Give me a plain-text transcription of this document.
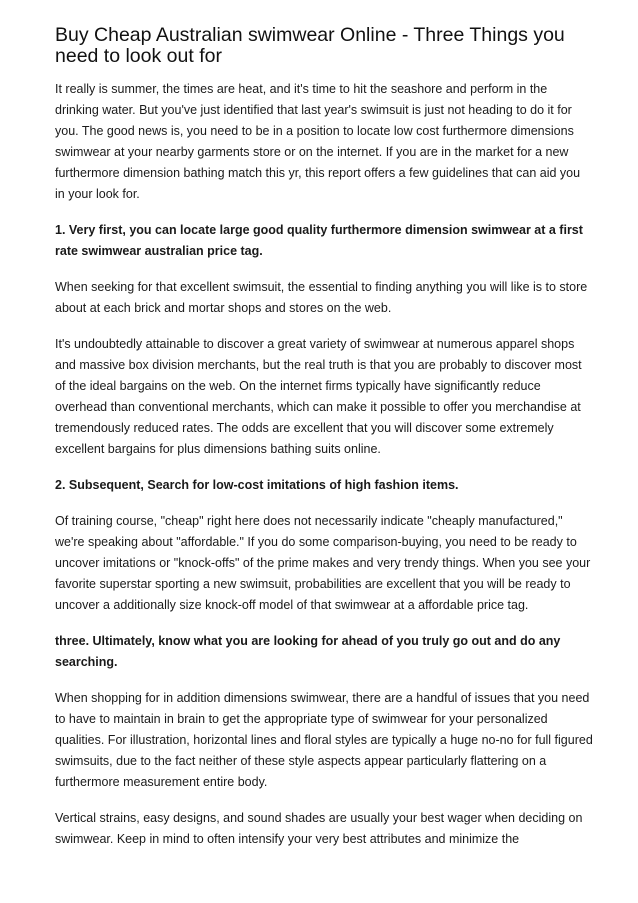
Buy Cheap Australian swimwear Online - Three Things you need to look out for

It really is summer, the times are heat, and it's time to hit the seashore and perform in the drinking water. But you've just identified that last year's swimsuit is just not heading to do it for you. The good news is, you need to be in a position to locate low cost furthermore dimensions swimwear at your nearby garments store or on the internet. If you are in the market for a new furthermore dimension bathing match this yr, this report offers a few guidelines that can aid you in your look for.

1. Very first, you can locate large good quality furthermore dimension swimwear at a first rate swimwear australian price tag.

When seeking for that excellent swimsuit, the essential to finding anything you will like is to store about at each brick and mortar shops and stores on the web.

It's undoubtedly attainable to discover a great variety of swimwear at numerous apparel shops and massive box division merchants, but the real truth is that you are probably to discover most of the ideal bargains on the web. On the internet firms typically have significantly reduce overhead than conventional merchants, which can make it possible to offer you merchandise at tremendously reduced rates. The odds are excellent that you will discover some extremely excellent bargains for plus dimensions bathing suits online.

2. Subsequent, Search for low-cost imitations of high fashion items.

Of training course, "cheap" right here does not necessarily indicate "cheaply manufactured," we're speaking about "affordable." If you do some comparison-buying, you need to be ready to uncover imitations or "knock-offs" of the prime makes and very trendy things. When you see your favorite superstar sporting a new swimsuit, probabilities are excellent that you will be ready to uncover a additionally size knock-off model of that swimwear at a affordable price tag.

three. Ultimately, know what you are looking for ahead of you truly go out and do any searching.

When shopping for in addition dimensions swimwear, there are a handful of issues that you need to have to maintain in brain to get the appropriate type of swimwear for your personalized qualities. For illustration, horizontal lines and floral styles are typically a huge no-no for full figured swimsuits, due to the fact neither of these style aspects appear particularly flattering on a furthermore measurement entire body.

Vertical strains, easy designs, and sound shades are usually your best wager when deciding on swimwear. Keep in mind to often intensify your very best attributes and minimize the
